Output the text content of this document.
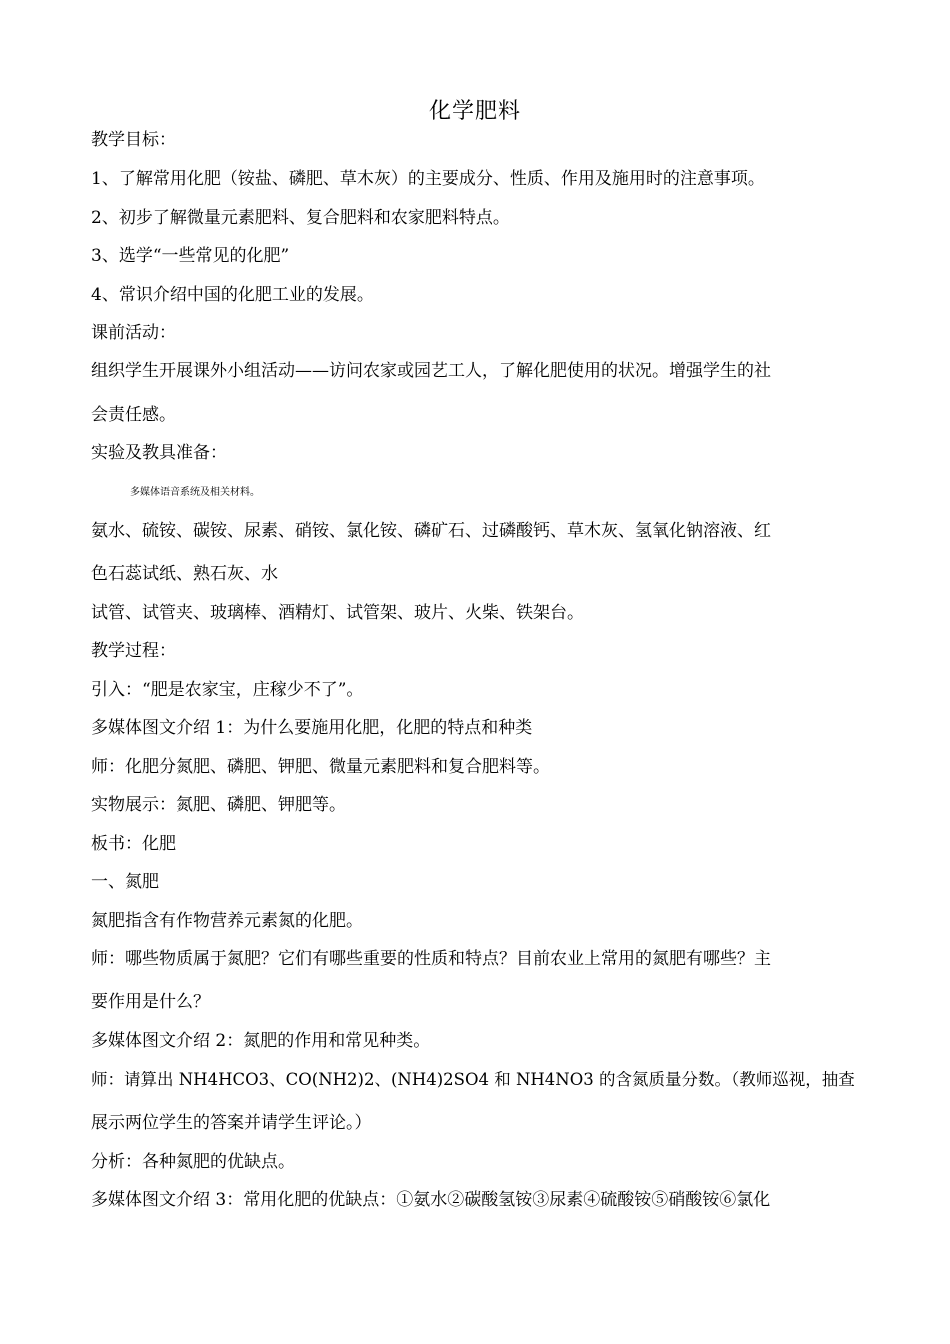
化学肥料
教学目标：
1、了解常用化肥（铵盐、磷肥、草木灰）的主要成分、性质、作用及施用时的注意事项。
2、初步了解微量元素肥料、复合肥料和农家肥料特点。
3、选学“一些常见的化肥”
4、常识介绍中国的化肥工业的发展。
课前活动：
组织学生开展课外小组活动——访问农家或园艺工人，了解化肥使用的状况。增强学生的社
会责任感。
实验及教具准备：
多媒体语音系统及相关材料。
氨水、硫铵、碳铵、尿素、硝铵、氯化铵、磷矿石、过磷酸钙、草木灰、氢氧化钠溶液、红
色石蕊试纸、熟石灰、水
试管、试管夹、玻璃棒、酒精灯、试管架、玻片、火柴、铁架台。
教学过程：
引入：“肥是农家宝，庄稼少不了”。
多媒体图文介绍 1：为什么要施用化肥，化肥的特点和种类
师：化肥分氮肥、磷肥、钾肥、微量元素肥料和复合肥料等。
实物展示：氮肥、磷肥、钾肥等。
板书：化肥
一、氮肥
氮肥指含有作物营养元素氮的化肥。
师：哪些物质属于氮肥？它们有哪些重要的性质和特点？目前农业上常用的氮肥有哪些？主
要作用是什么？
多媒体图文介绍 2：氮肥的作用和常见种类。
师：请算出 NH4HCO3、CO(NH2)2、(NH4)2SO4 和 NH4NO3 的含氮质量分数。（教师巡视，抽查
展示两位学生的答案并请学生评论。）
分析：各种氮肥的优缺点。
多媒体图文介绍 3：常用化肥的优缺点：①氨水②碳酸氢铵③尿素④硫酸铵⑤硝酸铵⑥氯化
